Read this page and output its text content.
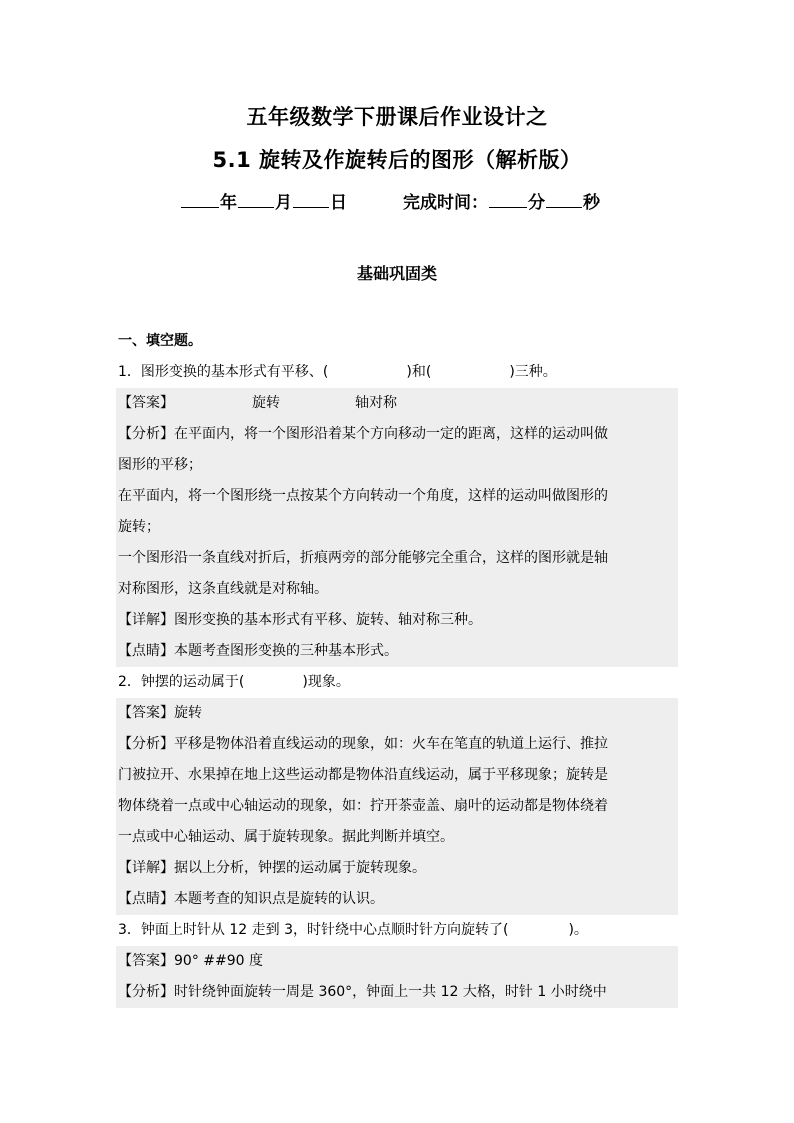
五年级数学下册课后作业设计之
5.1 旋转及作旋转后的图形（解析版）
年 月 日	完成时间： 分 秒
基础巩固类
一、填空题。
1．图形变换的基本形式有平移、(	)和(	)三种。
【答案】	旋转	轴对称
【分析】在平面内，将一个图形沿着某个方向移动一定的距离，这样的运动叫做
图形的平移；
在平面内，将一个图形绕一点按某个方向转动一个角度，这样的运动叫做图形的
旋转；
一个图形沿一条直线对折后，折痕两旁的部分能够完全重合，这样的图形就是轴
对称图形，这条直线就是对称轴。
【详解】图形变换的基本形式有平移、旋转、轴对称三种。
【点睛】本题考查图形变换的三种基本形式。
2．钟摆的运动属于(	)现象。
【答案】旋转
【分析】平移是物体沿着直线运动的现象，如：火车在笔直的轨道上运行、推拉
门被拉开、水果掉在地上这些运动都是物体沿直线运动，属于平移现象；旋转是
物体绕着一点或中心轴运动的现象，如：拧开茶壶盖、扇叶的运动都是物体绕着
一点或中心轴运动、属于旋转现象。据此判断并填空。
【详解】据以上分析，钟摆的运动属于旋转现象。
【点睛】本题考查的知识点是旋转的认识。
3．钟面上时针从 12 走到 3，时针绕中心点顺时针方向旋转了(	)。
【答案】90° ##90 度
【分析】时针绕钟面旋转一周是 360°，钟面上一共 12 大格，时针 1 小时绕中
